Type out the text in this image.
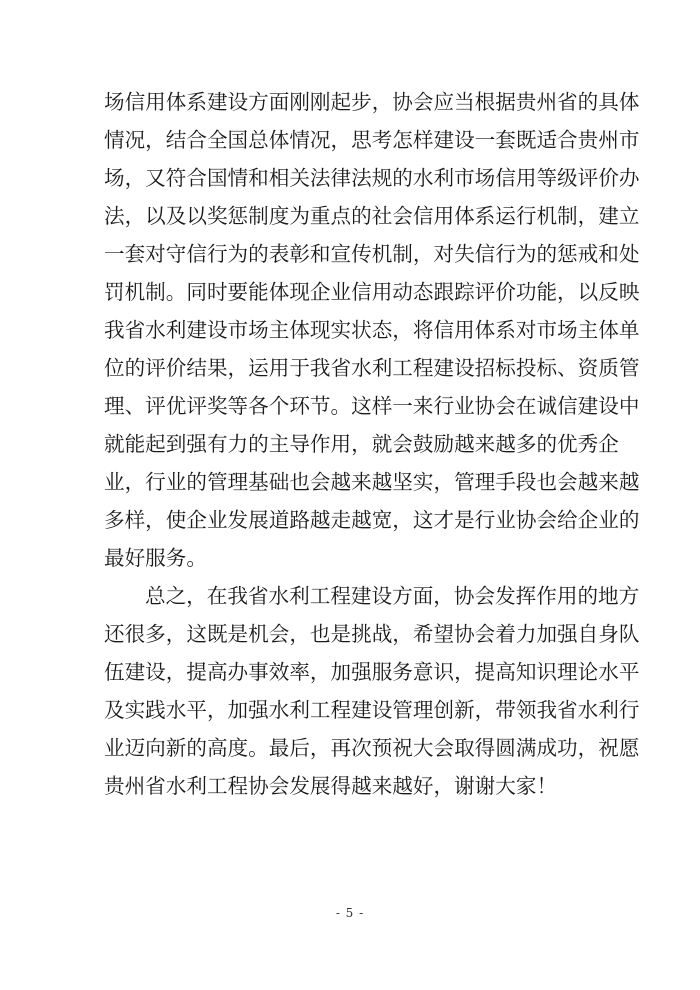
场信用体系建设方面刚刚起步，协会应当根据贵州省的具体
情况，结合全国总体情况，思考怎样建设一套既适合贵州市
场，又符合国情和相关法律法规的水利市场信用等级评价办
法，以及以奖惩制度为重点的社会信用体系运行机制，建立
一套对守信行为的表彰和宣传机制，对失信行为的惩戒和处
罚机制。同时要能体现企业信用动态跟踪评价功能，以反映
我省水利建设市场主体现实状态，将信用体系对市场主体单
位的评价结果，运用于我省水利工程建设招标投标、资质管
理、评优评奖等各个环节。这样一来行业协会在诚信建设中
就能起到强有力的主导作用，就会鼓励越来越多的优秀企
业，行业的管理基础也会越来越坚实，管理手段也会越来越
多样，使企业发展道路越走越宽，这才是行业协会给企业的
最好服务。
总之，在我省水利工程建设方面，协会发挥作用的地方
还很多，这既是机会，也是挑战，希望协会着力加强自身队
伍建设，提高办事效率，加强服务意识，提高知识理论水平
及实践水平，加强水利工程建设管理创新，带领我省水利行
业迈向新的高度。最后，再次预祝大会取得圆满成功，祝愿
贵州省水利工程协会发展得越来越好，谢谢大家！
- 5 -
